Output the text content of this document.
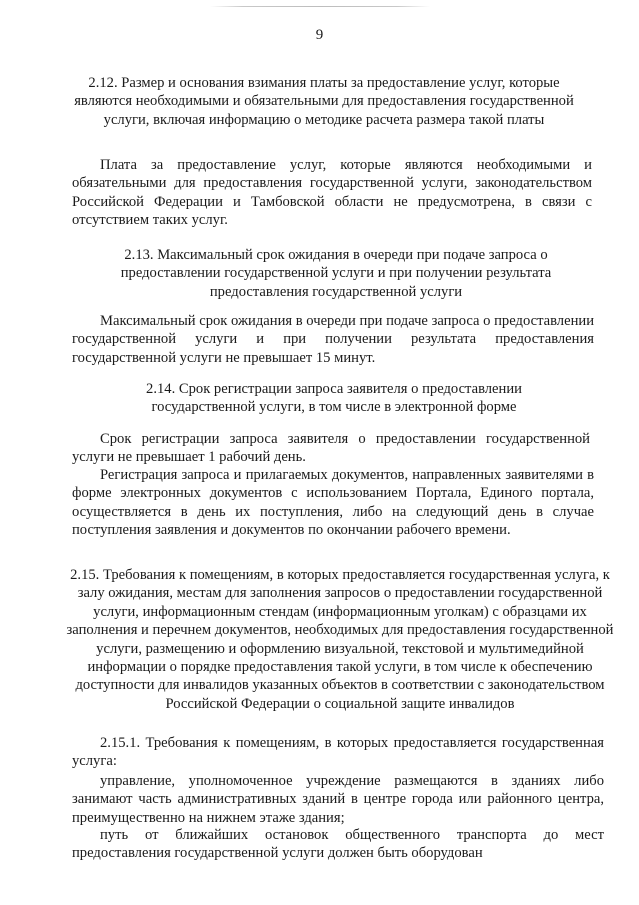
9
2.12. Размер и основания взимания платы за предоставление услуг, которые являются необходимыми и обязательными для предоставления государственной услуги, включая информацию о методике расчета размера такой платы
Плата за предоставление услуг, которые являются необходимыми и обязательными для предоставления государственной услуги, законодательством Российской Федерации и Тамбовской области не предусмотрена, в связи с отсутствием таких услуг.
2.13. Максимальный срок ожидания в очереди при подаче запроса о предоставлении государственной услуги и при получении результата предоставления государственной услуги
Максимальный срок ожидания в очереди при подаче запроса о предоставлении государственной услуги и при получении результата предоставления государственной услуги не превышает 15 минут.
2.14. Срок регистрации запроса заявителя о предоставлении государственной услуги, в том числе в электронной форме
Срок регистрации запроса заявителя о предоставлении государственной услуги не превышает 1 рабочий день.
Регистрация запроса и прилагаемых документов, направленных заявителями в форме электронных документов с использованием Портала, Единого портала, осуществляется в день их поступления, либо на следующий день в случае поступления заявления и документов по окончании рабочего времени.
2.15. Требования к помещениям, в которых предоставляется государственная услуга, к залу ожидания, местам для заполнения запросов о предоставлении государственной услуги, информационным стендам (информационным уголкам) с образцами их заполнения и перечнем документов, необходимых для предоставления государственной услуги, размещению и оформлению визуальной, текстовой и мультимедийной информации о порядке предоставления такой услуги, в том числе к обеспечению доступности для инвалидов указанных объектов в соответствии с законодательством Российской Федерации о социальной защите инвалидов
2.15.1. Требования к помещениям, в которых предоставляется государственная услуга:
управление, уполномоченное учреждение размещаются в зданиях либо занимают часть административных зданий в центре города или районного центра, преимущественно на нижнем этаже здания;
путь от ближайших остановок общественного транспорта до мест предоставления государственной услуги должен быть оборудован
